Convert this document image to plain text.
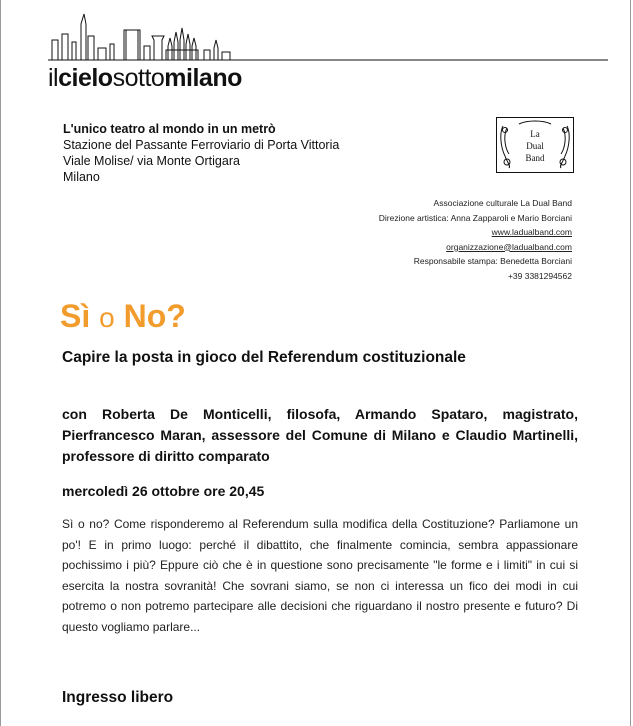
ilcielosottomilano
L'unico teatro al mondo in un metrò
Stazione del Passante Ferroviario di Porta Vittoria
Viale Molise/ via Monte Ortigara
Milano
La
Dual
Band
Associazione culturale La Dual Band
Direzione artistica: Anna Zapparoli e Mario Borciani
www.ladualband.com
organizzazione@ladualband.com
Responsabile stampa: Benedetta Borciani
+39 3381294562
Sì o No?
Capire la posta in gioco del Referendum costituzionale
con Roberta De Monticelli, filosofa, Armando Spataro, magistrato, Pierfrancesco Maran, assessore del Comune di Milano e Claudio Martinelli, professore di diritto comparato
mercoledì 26 ottobre ore 20,45
Sì o no? Come risponderemo al Referendum sulla modifica della Costituzione? Parliamone un po'! E in primo luogo: perché il dibattito, che finalmente comincia, sembra appassionare pochissimo i più? Eppure ciò che è in questione sono precisamente "le forme e i limiti" in cui si esercita la nostra sovranità! Che sovrani siamo, se non ci interessa un fico dei modi in cui potremo o non potremo partecipare alle decisioni che riguardano il nostro presente e futuro? Di questo vogliamo parlare...
Ingresso libero
